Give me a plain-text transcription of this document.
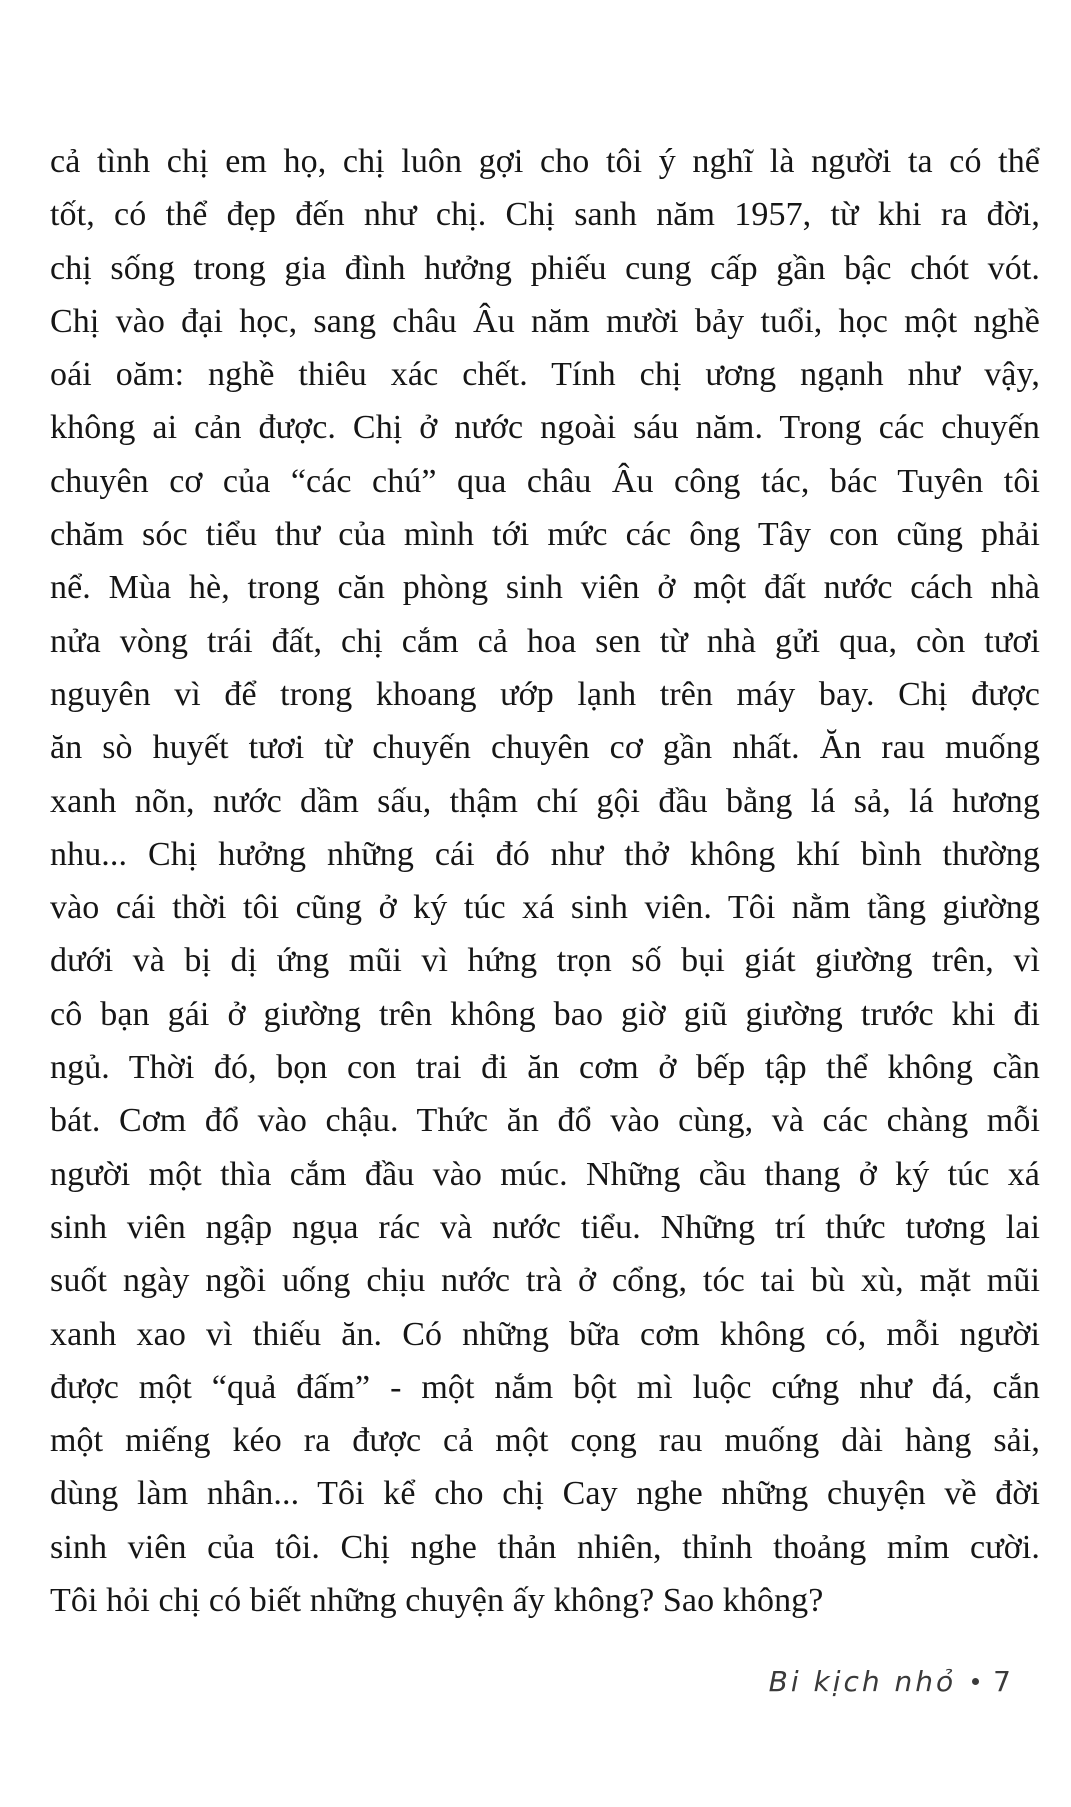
cả tình chị em họ, chị luôn gợi cho tôi ý nghĩ là người ta có thể
tốt, có thể đẹp đến như chị. Chị sanh năm 1957, từ khi ra đời,
chị sống trong gia đình hưởng phiếu cung cấp gần bậc chót vót.
Chị vào đại học, sang châu Âu năm mười bảy tuổi, học một nghề
oái oăm: nghề thiêu xác chết. Tính chị ương ngạnh như vậy,
không ai cản được. Chị ở nước ngoài sáu năm. Trong các chuyến
chuyên cơ của “các chú” qua châu Âu công tác, bác Tuyên tôi
chăm sóc tiểu thư của mình tới mức các ông Tây con cũng phải
nể. Mùa hè, trong căn phòng sinh viên ở một đất nước cách nhà
nửa vòng trái đất, chị cắm cả hoa sen từ nhà gửi qua, còn tươi
nguyên vì để trong khoang ướp lạnh trên máy bay. Chị được
ăn sò huyết tươi từ chuyến chuyên cơ gần nhất. Ăn rau muống
xanh nõn, nước dầm sấu, thậm chí gội đầu bằng lá sả, lá hương
nhu... Chị hưởng những cái đó như thở không khí bình thường
vào cái thời tôi cũng ở ký túc xá sinh viên. Tôi nằm tầng giường
dưới và bị dị ứng mũi vì hứng trọn số bụi giát giường trên, vì
cô bạn gái ở giường trên không bao giờ giũ giường trước khi đi
ngủ. Thời đó, bọn con trai đi ăn cơm ở bếp tập thể không cần
bát. Cơm đổ vào chậu. Thức ăn đổ vào cùng, và các chàng mỗi
người một thìa cắm đầu vào múc. Những cầu thang ở ký túc xá
sinh viên ngập ngụa rác và nước tiểu. Những trí thức tương lai
suốt ngày ngồi uống chịu nước trà ở cổng, tóc tai bù xù, mặt mũi
xanh xao vì thiếu ăn. Có những bữa cơm không có, mỗi người
được một “quả đấm” - một nắm bột mì luộc cứng như đá, cắn
một miếng kéo ra được cả một cọng rau muống dài hàng sải,
dùng làm nhân... Tôi kể cho chị Cay nghe những chuyện về đời
sinh viên của tôi. Chị nghe thản nhiên, thỉnh thoảng mỉm cười.
Tôi hỏi chị có biết những chuyện ấy không? Sao không?
Bi kịch nhỏ 7
